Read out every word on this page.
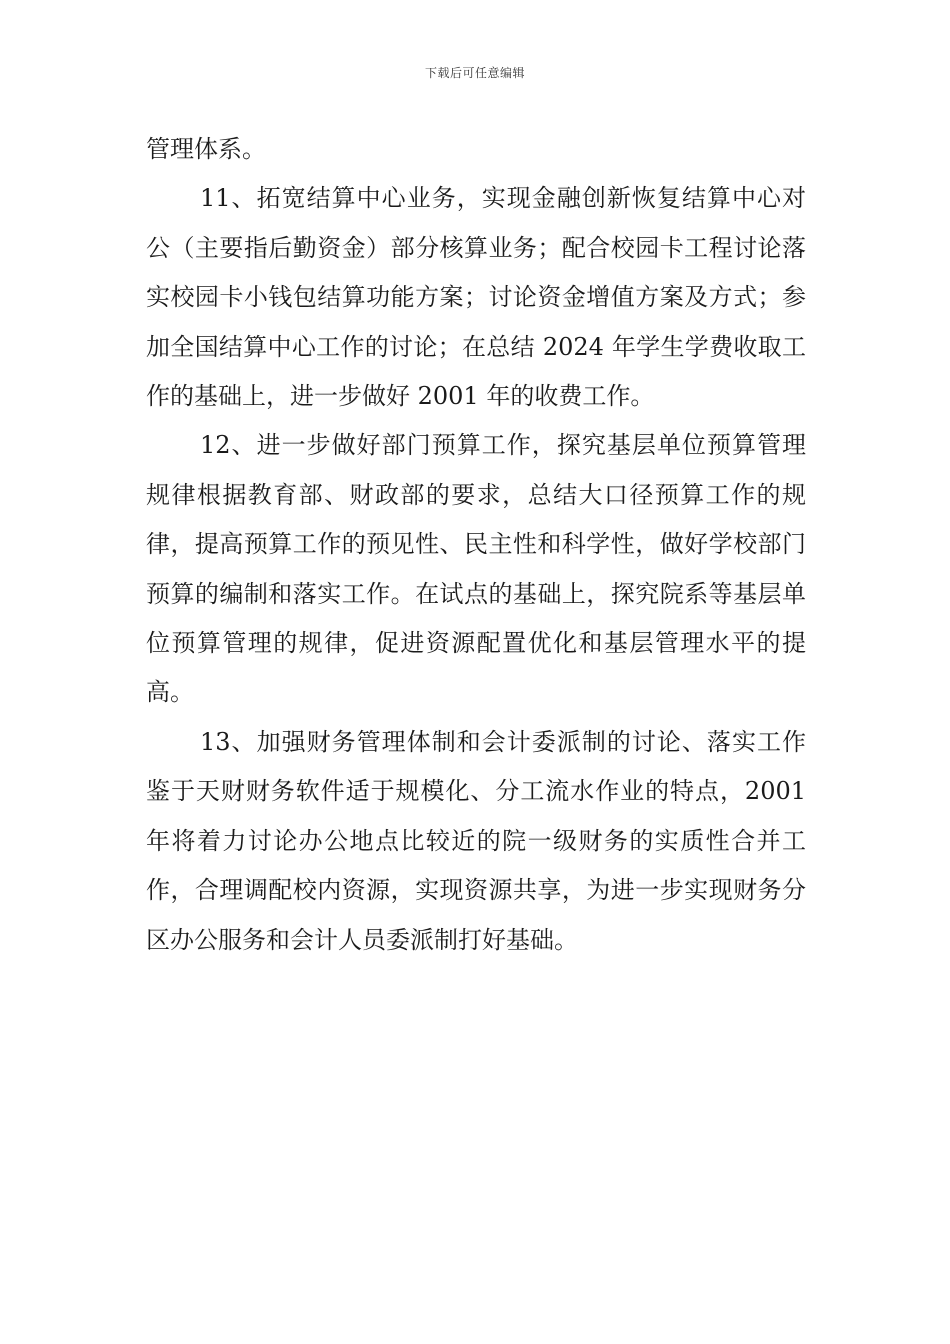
下载后可任意编辑

管理体系。

11、拓宽结算中心业务，实现金融创新恢复结算中心对公（主要指后勤资金）部分核算业务；配合校园卡工程讨论落实校园卡小钱包结算功能方案；讨论资金增值方案及方式；参加全国结算中心工作的讨论；在总结 2024 年学生学费收取工作的基础上，进一步做好 2001 年的收费工作。

12、进一步做好部门预算工作，探究基层单位预算管理规律根据教育部、财政部的要求，总结大口径预算工作的规律，提高预算工作的预见性、民主性和科学性，做好学校部门预算的编制和落实工作。在试点的基础上，探究院系等基层单位预算管理的规律，促进资源配置优化和基层管理水平的提高。

13、加强财务管理体制和会计委派制的讨论、落实工作鉴于天财财务软件适于规模化、分工流水作业的特点，2001 年将着力讨论办公地点比较近的院一级财务的实质性合并工作，合理调配校内资源，实现资源共享，为进一步实现财务分区办公服务和会计人员委派制打好基础。
